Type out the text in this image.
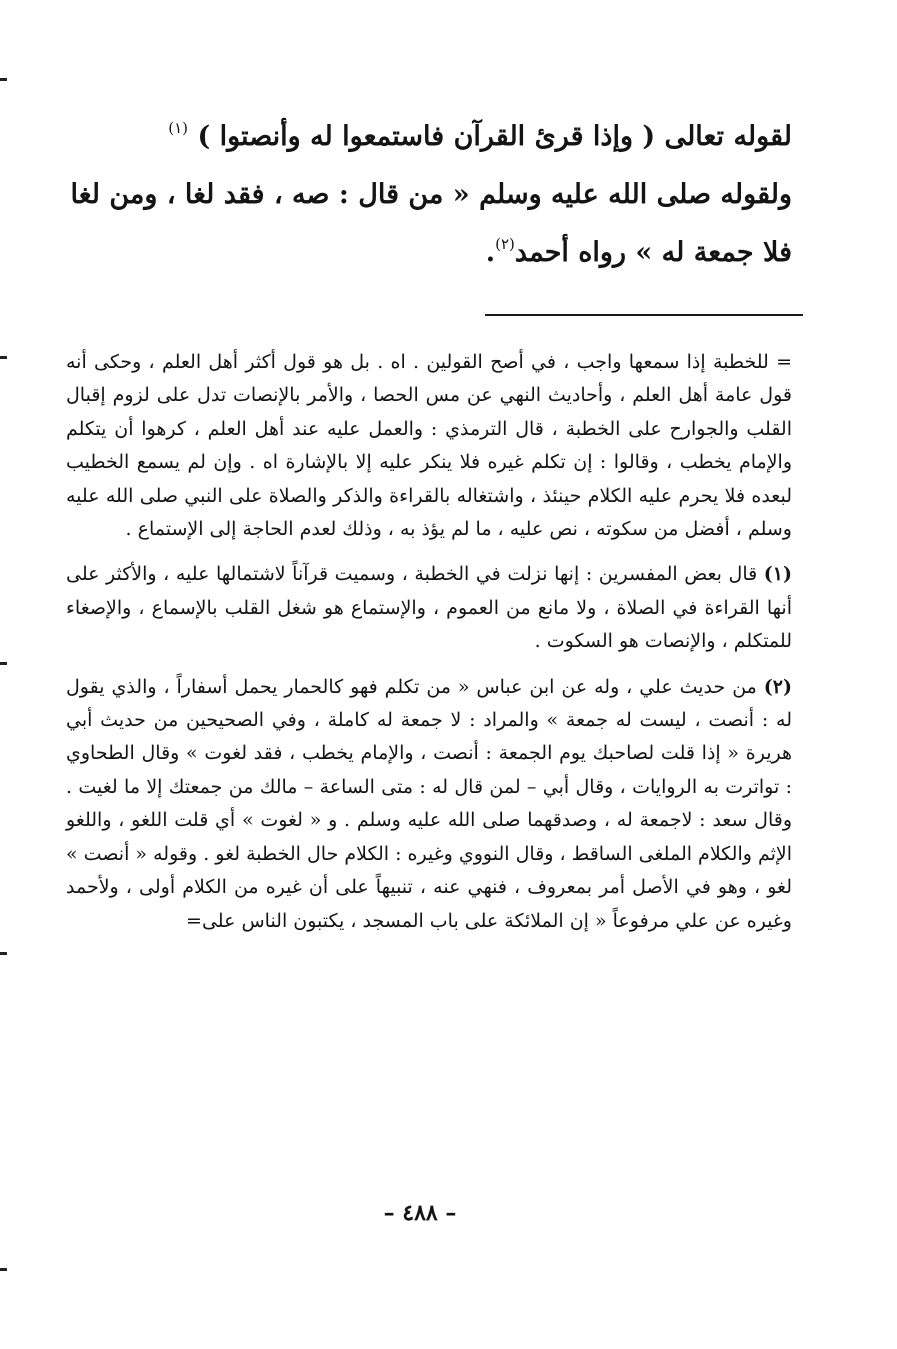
لقوله تعالى ( وإذا قرئ القرآن فاستمعوا له وأنصتوا ) $^{(١)}$

ولقوله صلى الله عليه وسلم « من قال : صه ، فقد لغا ، ومن لغا

فلا جمعة له » رواه أحمد$^{(٢)}$.

= للخطبة إذا سمعها واجب ، في أصح القولين . اه . بل هو قول أكثر أهل العلم ، وحكى أنه قول عامة أهل العلم ، وأحاديث النهي عن مس الحصا ، والأمر بالإنصات تدل على لزوم إقبال القلب والجوارح على الخطبة ، قال الترمذي : والعمل عليه عند أهل العلم ، كرهوا أن يتكلم والإمام يخطب ، وقالوا : إن تكلم غيره فلا ينكر عليه إلا بالإشارة اه . وإن لم يسمع الخطيب لبعده فلا يحرم عليه الكلام حينئذ ، واشتغاله بالقراءة والذكر والصلاة على النبي صلى الله عليه وسلم ، أفضل من سكوته ، نص عليه ، ما لم يؤذ به ، وذلك لعدم الحاجة إلى الإستماع .

(١) قال بعض المفسرين : إنها نزلت في الخطبة ، وسميت قرآناً لاشتمالها عليه ، والأكثر على أنها القراءة في الصلاة ، ولا مانع من العموم ، والإستماع هو شغل القلب بالإسماع ، والإصغاء للمتكلم ، والإنصات هو السكوت .

(٢) من حديث علي ، وله عن ابن عباس « من تكلم فهو كالحمار يحمل أسفاراً ، والذي يقول له : أنصت ، ليست له جمعة » والمراد : لا جمعة له كاملة ، وفي الصحيحين من حديث أبي هريرة « إذا قلت لصاحبك يوم الجمعة : أنصت ، والإمام يخطب ، فقد لغوت » وقال الطحاوي : تواترت به الروايات ، وقال أبي – لمن قال له : متى الساعة – مالك من جمعتك إلا ما لغيت . وقال سعد : لاجمعة له ، وصدقهما صلى الله عليه وسلم . و « لغوت » أي قلت اللغو ، واللغو الإثم والكلام الملغى الساقط ، وقال النووي وغيره : الكلام حال الخطبة لغو . وقوله « أنصت » لغو ، وهو في الأصل أمر بمعروف ، فنهي عنه ، تنبيهاً على أن غيره من الكلام أولى ، ولأحمد وغيره عن علي مرفوعاً « إن الملائكة على باب المسجد ، يكتبون الناس على=

– ٤٨٨ –
